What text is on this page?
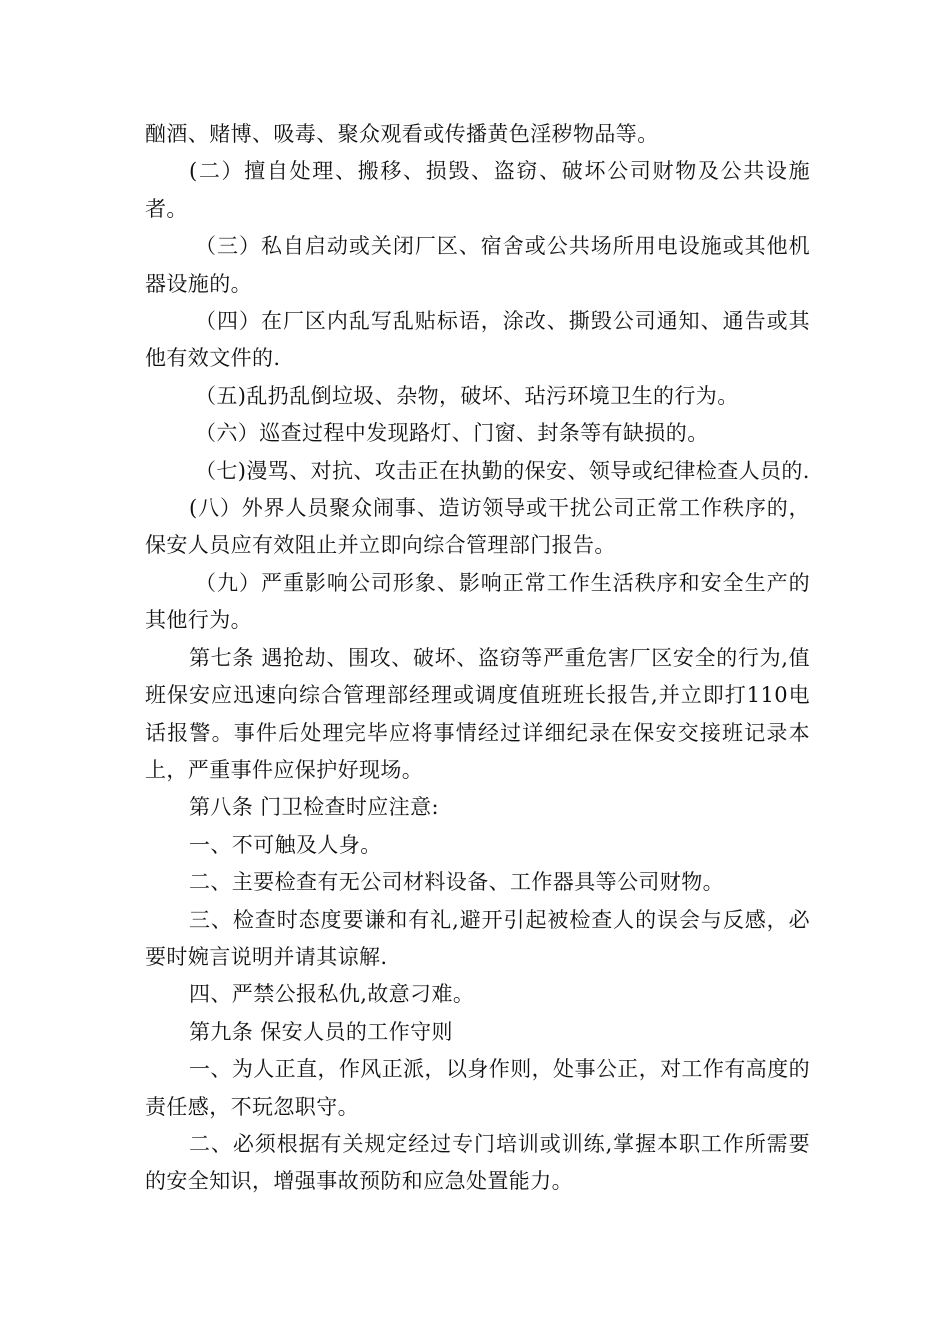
酗酒、赌博、吸毒、聚众观看或传播黄色淫秽物品等。

(二）擅自处理、搬移、损毁、盗窃、破坏公司财物及公共设施者。

（三）私自启动或关闭厂区、宿舍或公共场所用电设施或其他机器设施的。

（四）在厂区内乱写乱贴标语，涂改、撕毁公司通知、通告或其他有效文件的.

（五)乱扔乱倒垃圾、杂物，破坏、玷污环境卫生的行为。

（六）巡查过程中发现路灯、门窗、封条等有缺损的。

（七)漫骂、对抗、攻击正在执勤的保安、领导或纪律检查人员的.

(八）外界人员聚众闹事、造访领导或干扰公司正常工作秩序的，保安人员应有效阻止并立即向综合管理部门报告。

（九）严重影响公司形象、影响正常工作生活秩序和安全生产的其他行为。

第七条 遇抢劫、围攻、破坏、盗窃等严重危害厂区安全的行为,值班保安应迅速向综合管理部经理或调度值班班长报告,并立即打110电话报警。事件后处理完毕应将事情经过详细纪录在保安交接班记录本上，严重事件应保护好现场。

第八条 门卫检查时应注意:

一、不可触及人身。

二、主要检查有无公司材料设备、工作器具等公司财物。

三、检查时态度要谦和有礼,避开引起被检查人的误会与反感，必要时婉言说明并请其谅解.

四、严禁公报私仇,故意刁难。

第九条 保安人员的工作守则

一、为人正直，作风正派，以身作则，处事公正，对工作有高度的责任感，不玩忽职守。

二、必须根据有关规定经过专门培训或训练,掌握本职工作所需要的安全知识，增强事故预防和应急处置能力。
